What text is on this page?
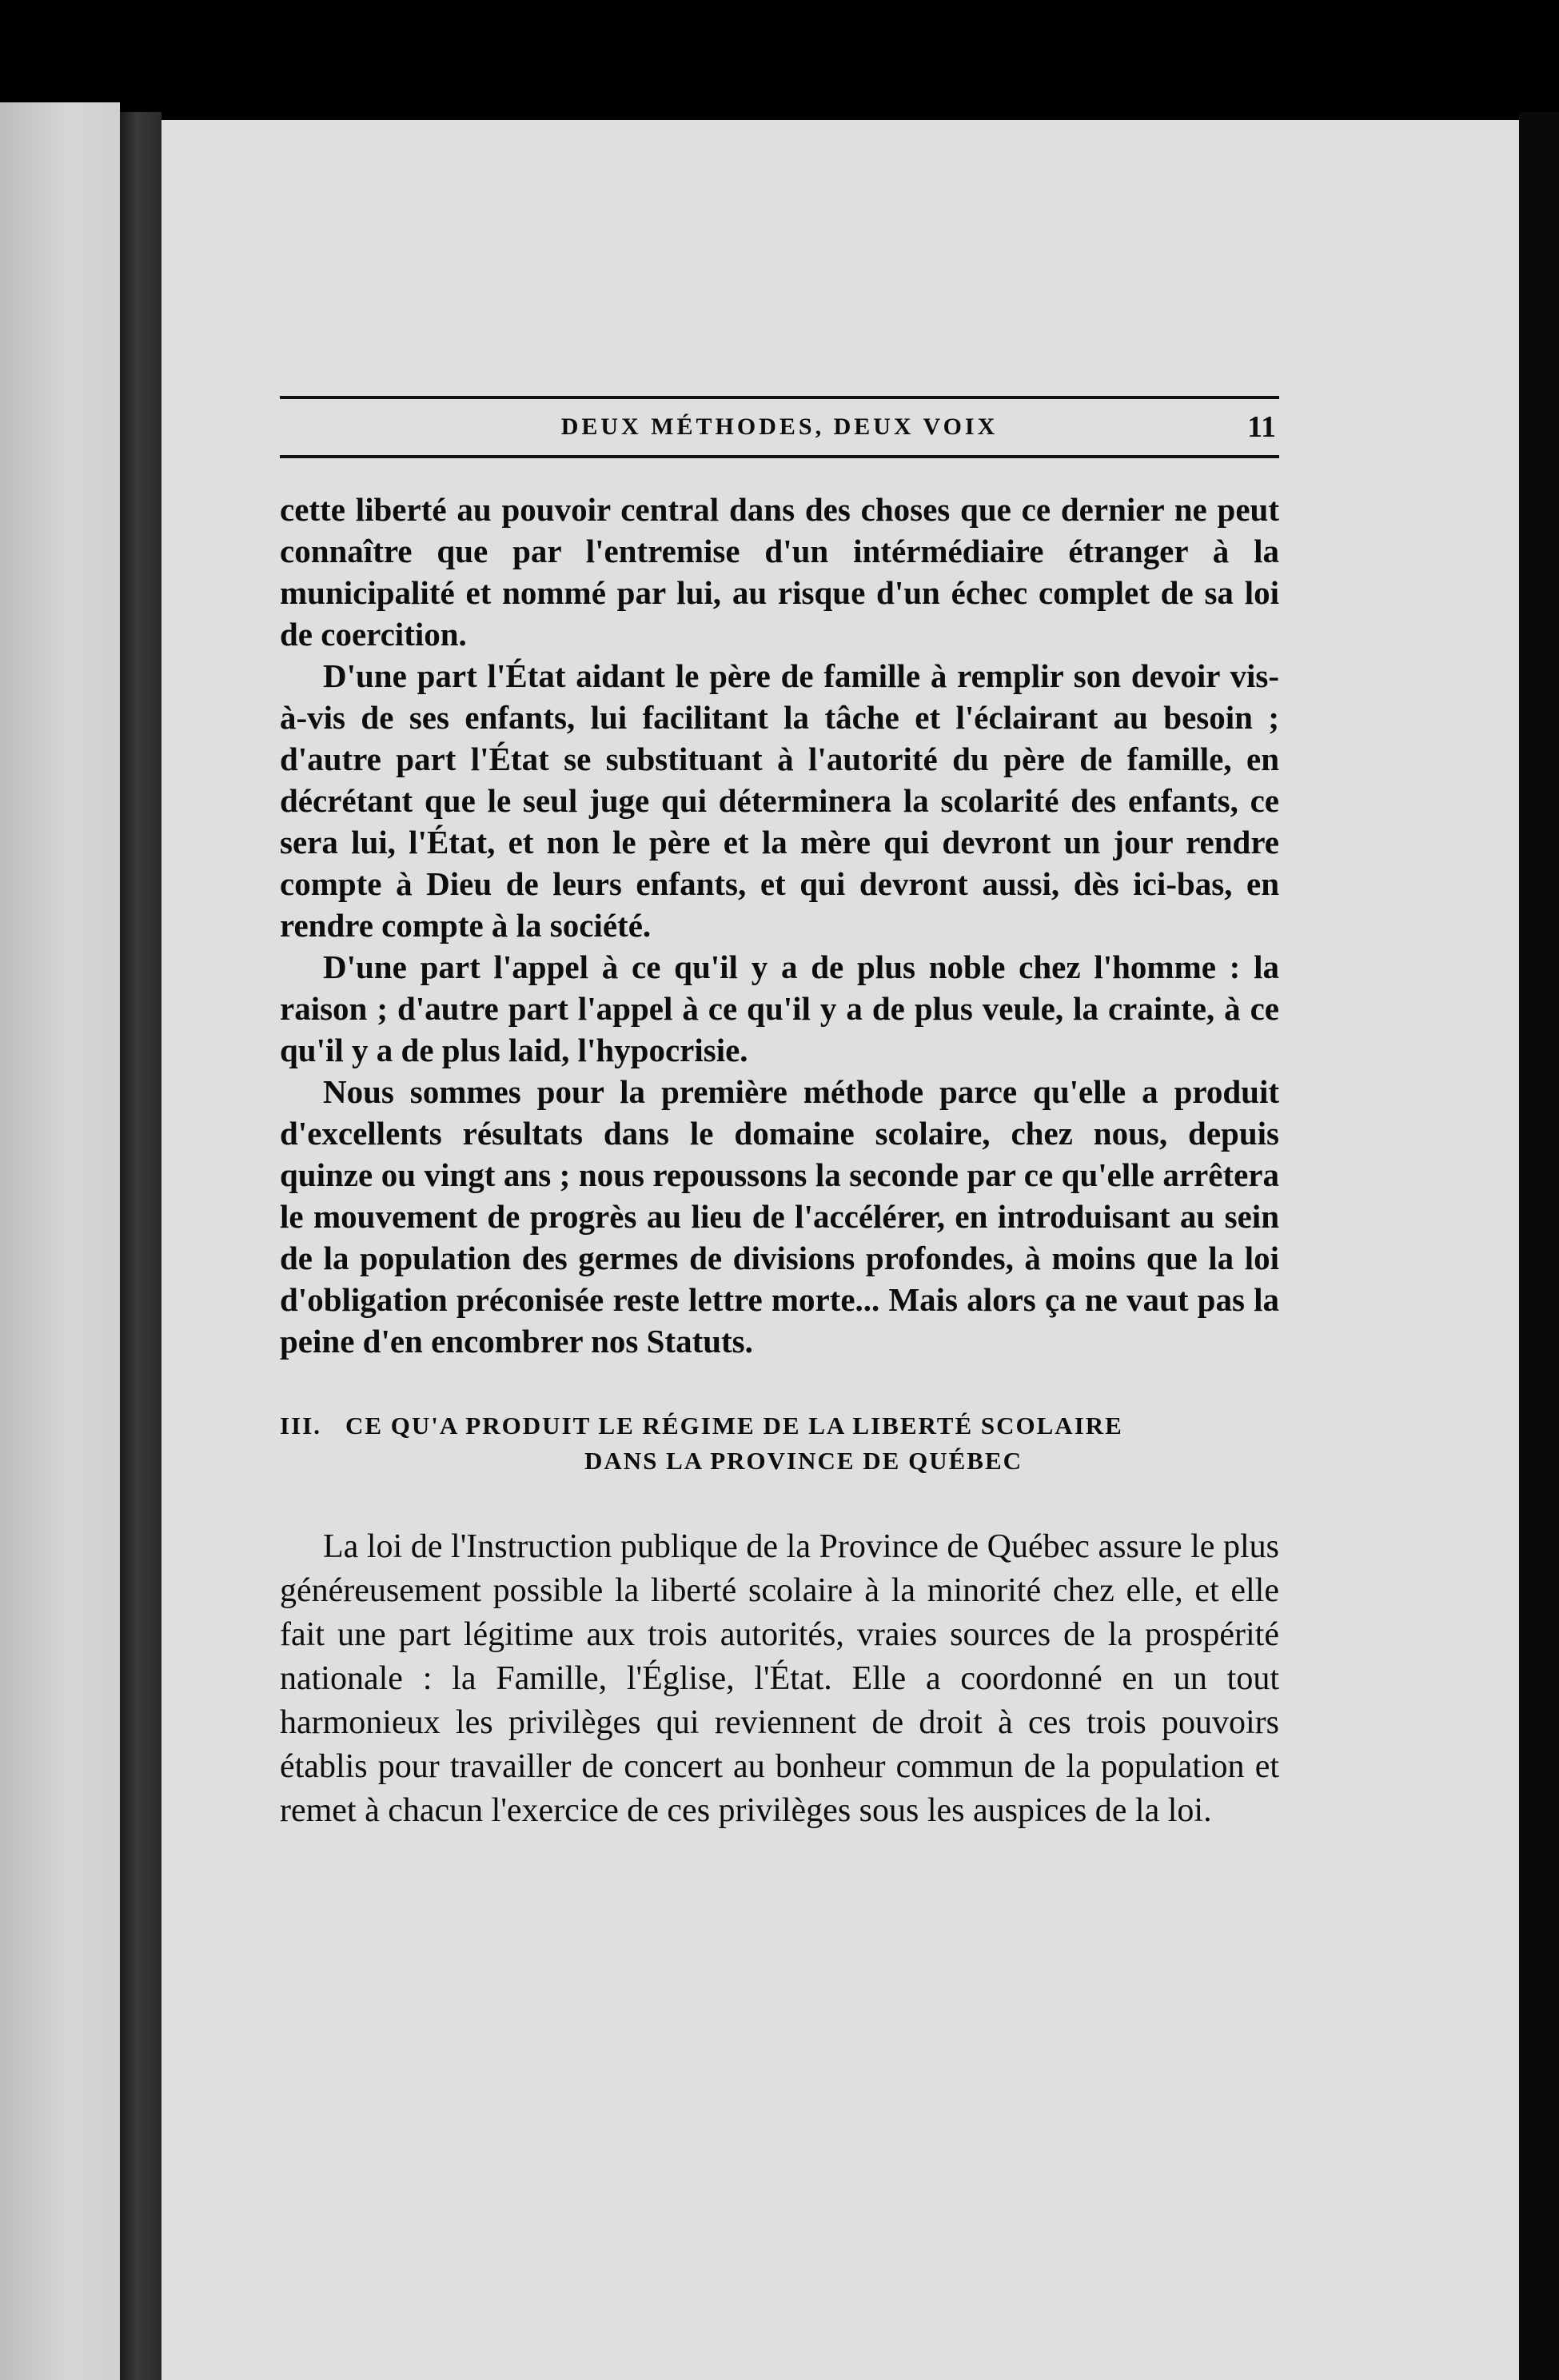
DEUX MÉTHODES, DEUX VOIX	11

cette liberté au pouvoir central dans des choses que ce dernier ne peut connaître que par l'entremise d'un intérmédiaire étranger à la municipalité et nommé par lui, au risque d'un échec complet de sa loi de coercition.

D'une part l'État aidant le père de famille à remplir son devoir vis-à-vis de ses enfants, lui facilitant la tâche et l'éclairant au besoin ; d'autre part l'État se substituant à l'autorité du père de famille, en décrétant que le seul juge qui déterminera la scolarité des enfants, ce sera lui, l'État, et non le père et la mère qui devront un jour rendre compte à Dieu de leurs enfants, et qui devront aussi, dès ici-bas, en rendre compte à la société.

D'une part l'appel à ce qu'il y a de plus noble chez l'homme : la raison ; d'autre part l'appel à ce qu'il y a de plus veule, la crainte, à ce qu'il y a de plus laid, l'hypocrisie.

Nous sommes pour la première méthode parce qu'elle a produit d'excellents résultats dans le domaine scolaire, chez nous, depuis quinze ou vingt ans ; nous repoussons la seconde par ce qu'elle arrêtera le mouvement de progrès au lieu de l'accélérer, en introduisant au sein de la population des germes de divisions profondes, à moins que la loi d'obligation préconisée reste lettre morte... Mais alors ça ne vaut pas la peine d'en encombrer nos Statuts.

III. CE QU'A PRODUIT LE RÉGIME DE LA LIBERTÉ SCOLAIRE
DANS LA PROVINCE DE QUÉBEC

La loi de l'Instruction publique de la Province de Québec assure le plus généreusement possible la liberté scolaire à la minorité chez elle, et elle fait une part légitime aux trois autorités, vraies sources de la prospérité nationale : la Famille, l'Église, l'État. Elle a coordonné en un tout harmonieux les privilèges qui reviennent de droit à ces trois pouvoirs établis pour travailler de concert au bonheur commun de la population et remet à chacun l'exercice de ces privilèges sous les auspices de la loi.
